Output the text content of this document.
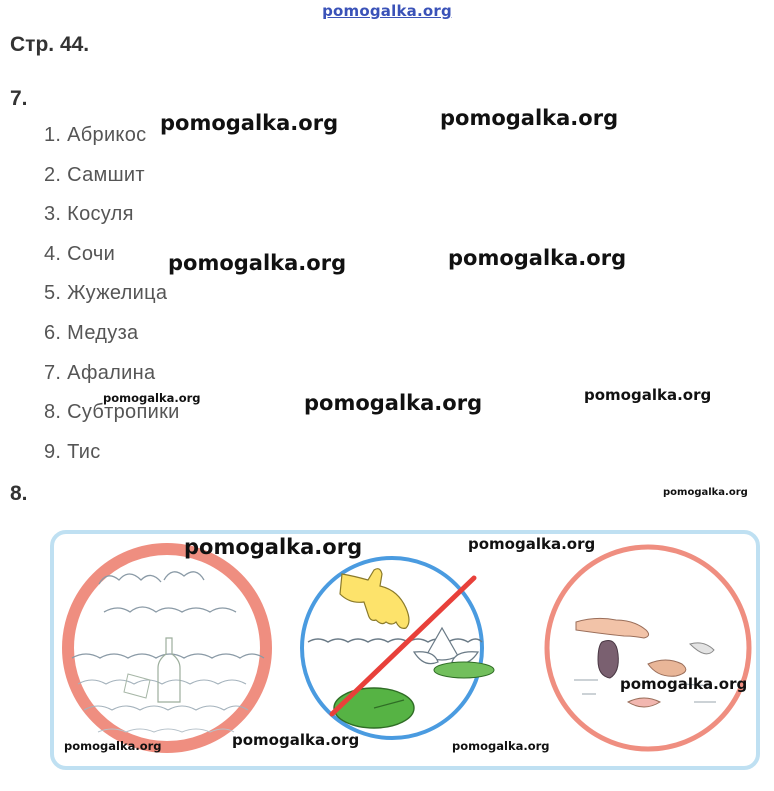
pomogalka.org
Стр. 44.
7.
1. Абрикос
2. Самшит
3. Косуля
4. Сочи
5. Жужелица
6. Медуза
7. Афалина
8. Субтропики
9. Тис
8.
pomogalka.org	pomogalka.org
pomogalka.org	pomogalka.org
pomogalka.org	pomogalka.org	pomogalka.org
pomogalka.org
pomogalka.org	pomogalka.org
pomogalka.org
pomogalka.org	pomogalka.org	pomogalka.org
